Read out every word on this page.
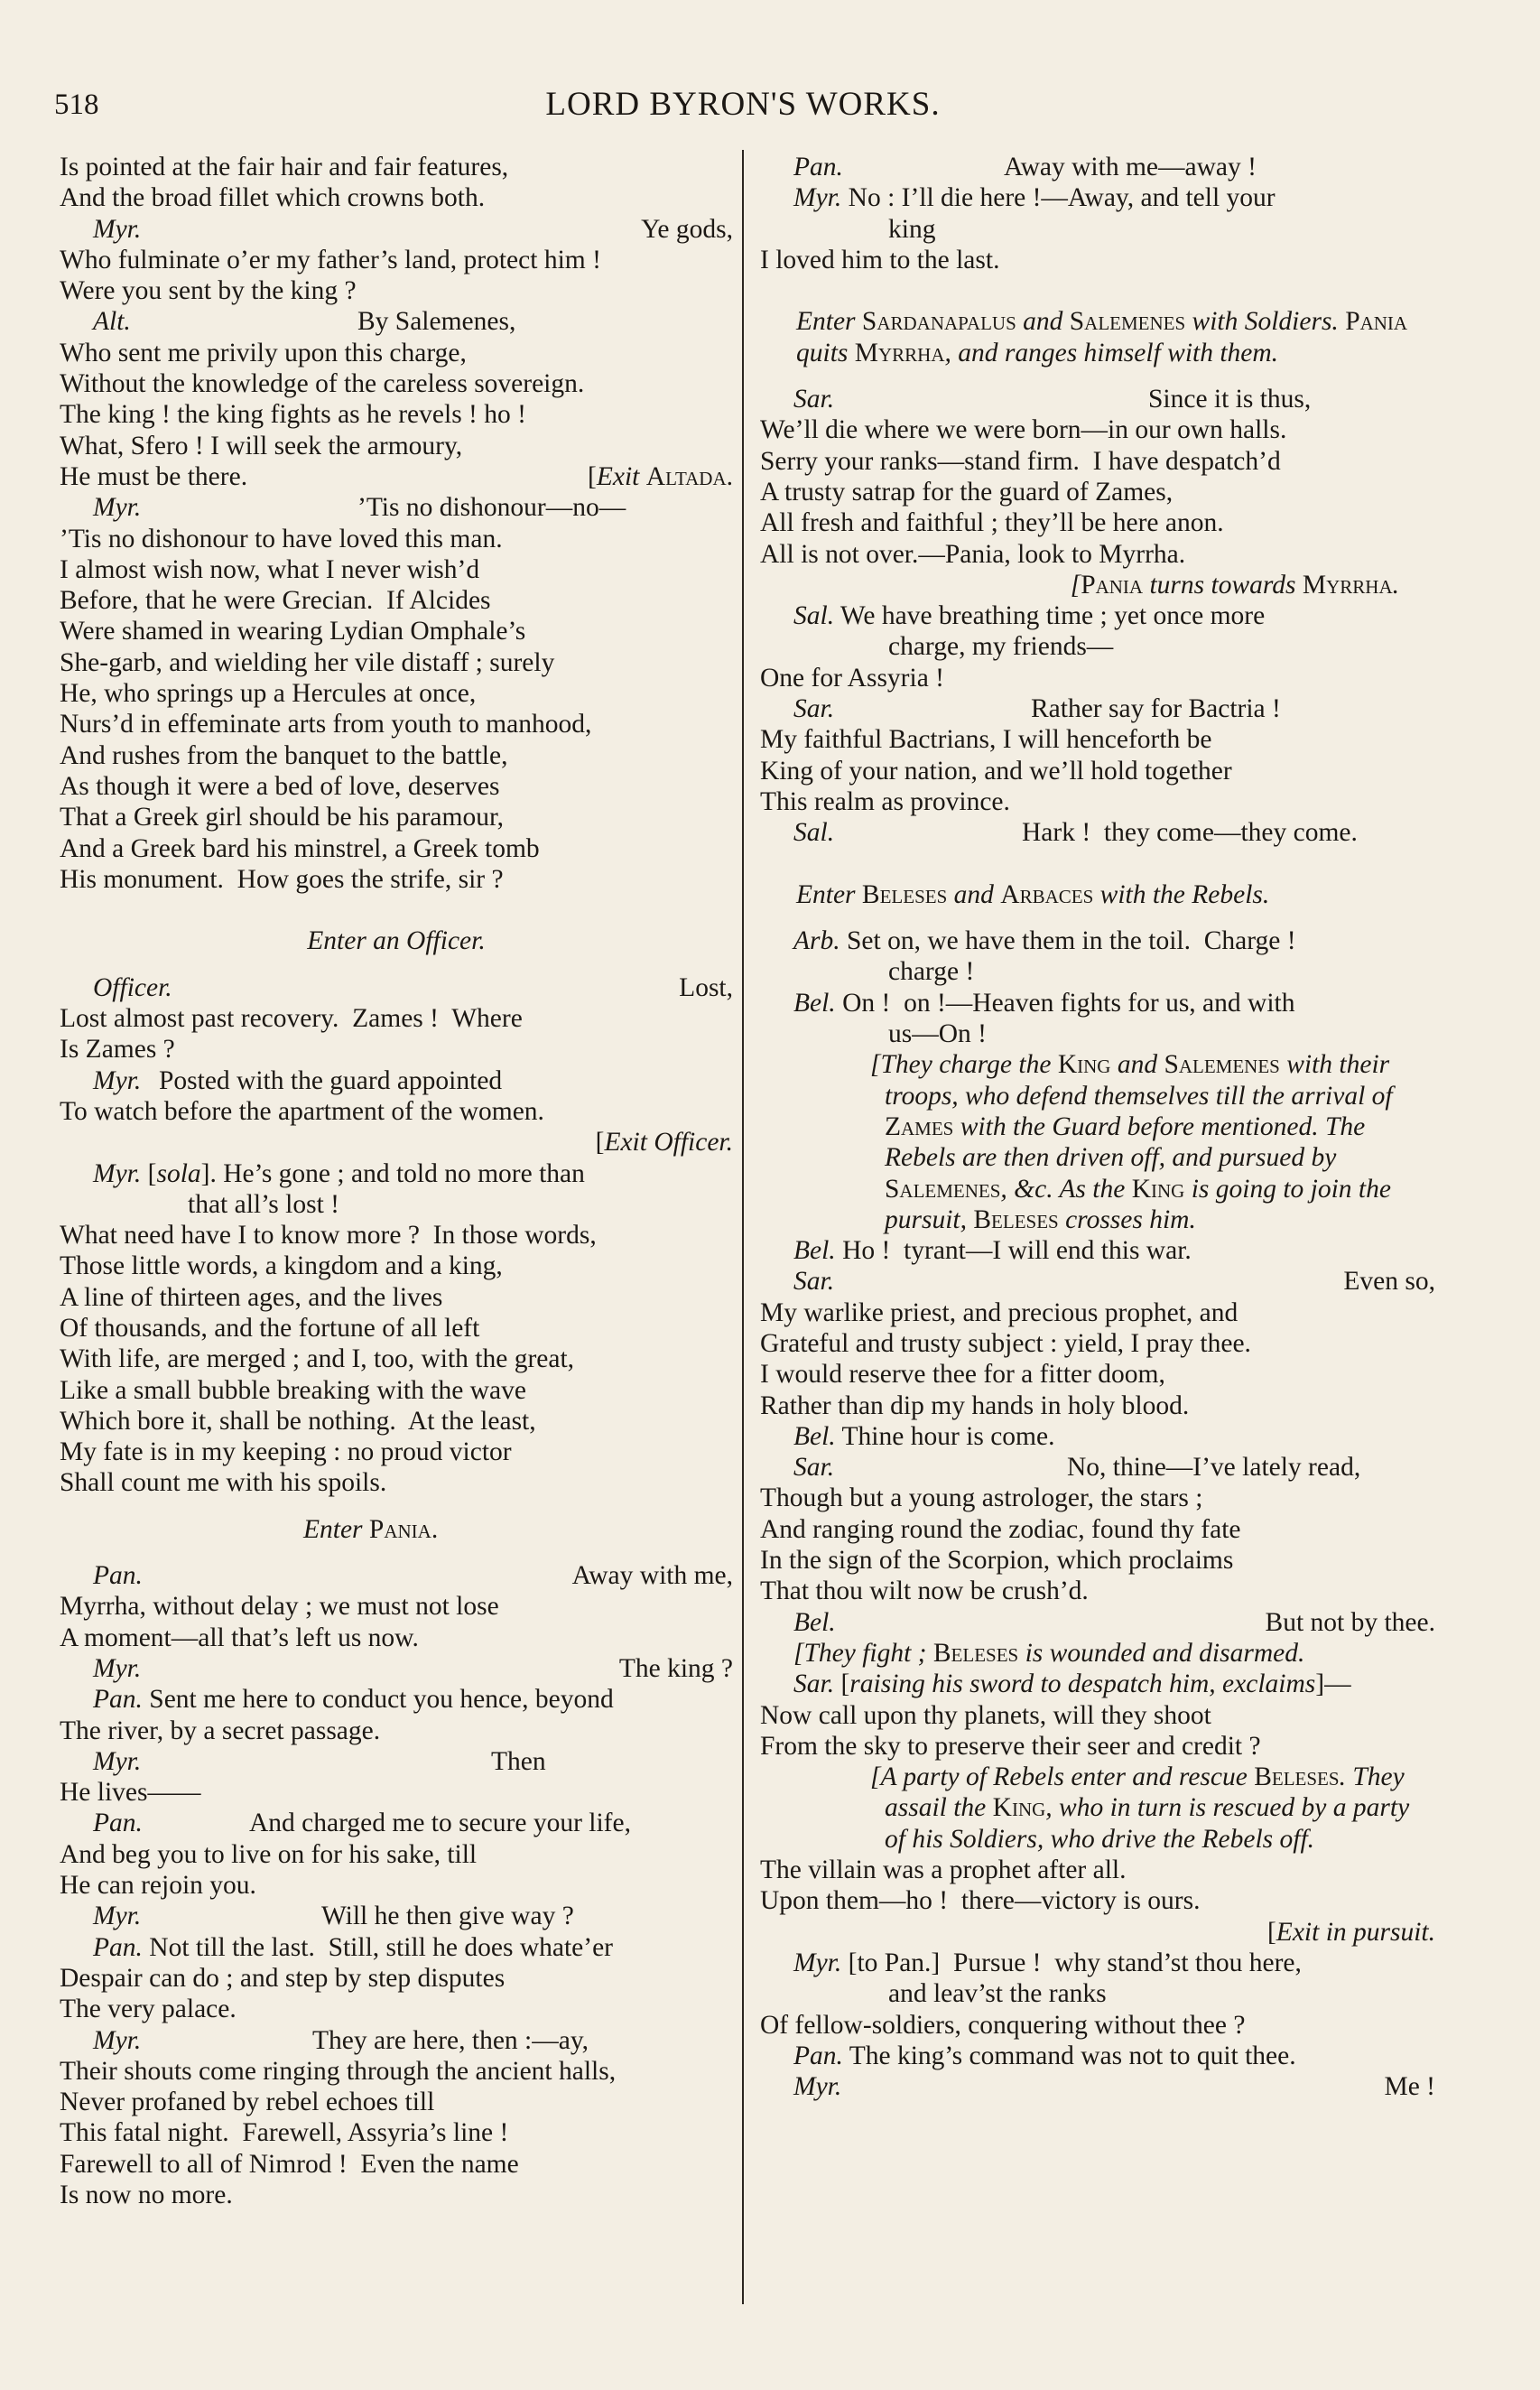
518	LORD BYRON'S WORKS.
Is pointed at the fair hair and fair features,
And the broad fillet which crowns both.
Myr.	Ye gods,
Who fulminate o’er my father’s land, protect him !
Were you sent by the king ?
Alt.	By Salemenes,
Who sent me privily upon this charge,
Without the knowledge of the careless sovereign.
The king ! the king fights as he revels ! ho !
What, Sfero ! I will seek the armoury,
He must be there.	[Exit Altada.
Myr.	’Tis no dishonour—no—
’Tis no dishonour to have loved this man.
I almost wish now, what I never wish’d
Before, that he were Grecian.  If Alcides
Were shamed in wearing Lydian Omphale’s
She-garb, and wielding her vile distaff ; surely
He, who springs up a Hercules at once,
Nurs’d in effeminate arts from youth to manhood,
And rushes from the banquet to the battle,
As though it were a bed of love, deserves
That a Greek girl should be his paramour,
And a Greek bard his minstrel, a Greek tomb
His monument.  How goes the strife, sir ?
Enter an Officer.
Officer.	Lost,
Lost almost past recovery.  Zames !  Where
Is Zames ?
Myr. Posted with the guard appointed
To watch before the apartment of the women.
[Exit Officer.
Myr. [sola]. He’s gone ; and told no more than
that all’s lost !
What need have I to know more ?  In those words,
Those little words, a kingdom and a king,
A line of thirteen ages, and the lives
Of thousands, and the fortune of all left
With life, are merged ; and I, too, with the great,
Like a small bubble breaking with the wave
Which bore it, shall be nothing.  At the least,
My fate is in my keeping : no proud victor
Shall count me with his spoils.
Enter Pania.
Pan.	Away with me,
Myrrha, without delay ; we must not lose
A moment—all that’s left us now.
Myr.	The king ?
Pan. Sent me here to conduct you hence, beyond
The river, by a secret passage.
Myr.	Then
He lives——
Pan.	And charged me to secure your life,
And beg you to live on for his sake, till
He can rejoin you.
Myr.	Will he then give way ?
Pan. Not till the last.  Still, still he does whate’er
Despair can do ; and step by step disputes
The very palace.
Myr.	They are here, then :—ay,
Their shouts come ringing through the ancient halls,
Never profaned by rebel echoes till
This fatal night.  Farewell, Assyria’s line !
Farewell to all of Nimrod !  Even the name
Is now no more.
Pan.	Away with me—away !
Myr. No : I’ll die here !—Away, and tell your
king
I loved him to the last.
Enter Sardanapalus and Salemenes with Soldiers. Pania quits Myrrha, and ranges himself with them.
Sar.	Since it is thus,
We’ll die where we were born—in our own halls.
Serry your ranks—stand firm.  I have despatch’d
A trusty satrap for the guard of Zames,
All fresh and faithful ; they’ll be here anon.
All is not over.—Pania, look to Myrrha.
[Pania turns towards Myrrha.
Sal. We have breathing time ; yet once more
charge, my friends—
One for Assyria !
Sar.	Rather say for Bactria !
My faithful Bactrians, I will henceforth be
King of your nation, and we’ll hold together
This realm as province.
Sal.	Hark !  they come—they come.
Enter Beleses and Arbaces with the Rebels.
Arb. Set on, we have them in the toil.  Charge !
charge !
Bel. On !  on !—Heaven fights for us, and with
us—On !
[They charge the King and Salemenes with their troops, who defend themselves till the arrival of Zames with the Guard before mentioned. The Rebels are then driven off, and pursued by Salemenes, &c. As the King is going to join the pursuit, Beleses crosses him.
Bel. Ho !  tyrant—I will end this war.
Sar.	Even so,
My warlike priest, and precious prophet, and
Grateful and trusty subject : yield, I pray thee.
I would reserve thee for a fitter doom,
Rather than dip my hands in holy blood.
Bel. Thine hour is come.
Sar.	No, thine—I’ve lately read,
Though but a young astrologer, the stars ;
And ranging round the zodiac, found thy fate
In the sign of the Scorpion, which proclaims
That thou wilt now be crush’d.
Bel.	But not by thee.
[They fight ; Beleses is wounded and disarmed.
Sar. [raising his sword to despatch him, exclaims]—
Now call upon thy planets, will they shoot
From the sky to preserve their seer and credit ?
[A party of Rebels enter and rescue Beleses. They assail the King, who in turn is rescued by a party of his Soldiers, who drive the Rebels off.
The villain was a prophet after all.
Upon them—ho !  there—victory is ours.
[Exit in pursuit.
Myr. [to Pan.]  Pursue !  why stand’st thou here,
and leav’st the ranks
Of fellow-soldiers, conquering without thee ?
Pan. The king’s command was not to quit thee.
Myr.	Me !
